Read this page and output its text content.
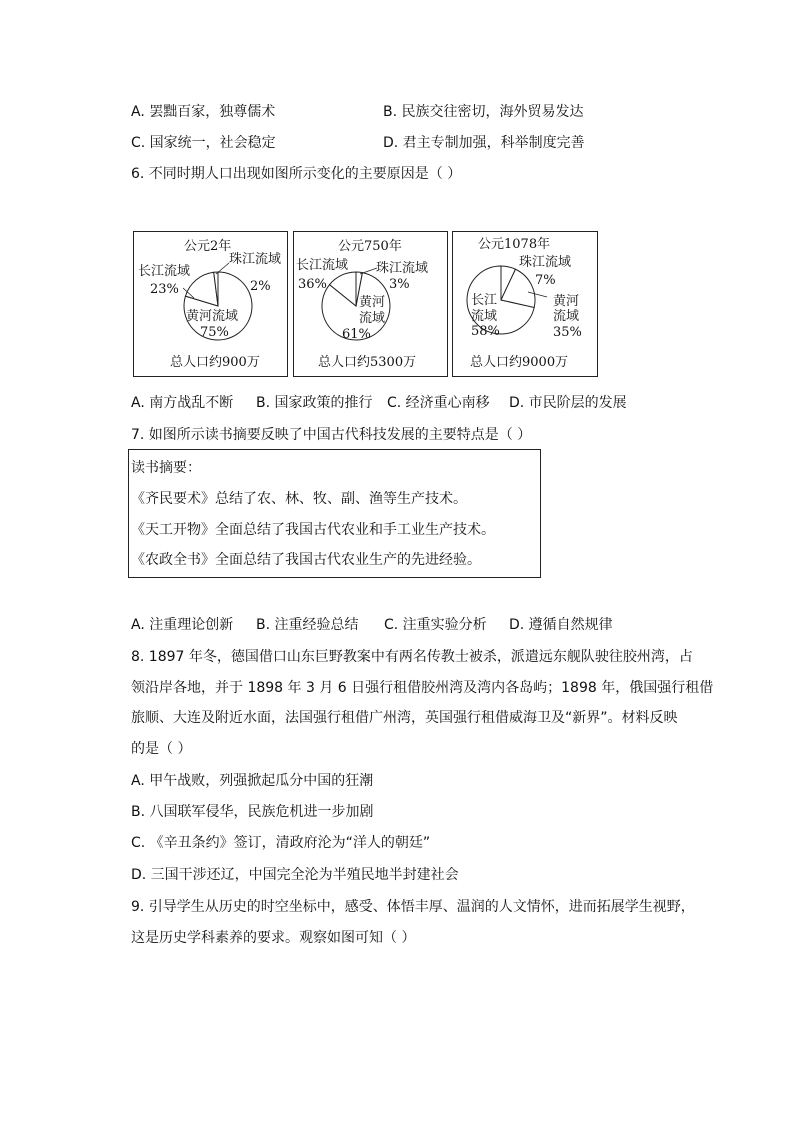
A. 罢黜百家，独尊儒术	B. 民族交往密切，海外贸易发达
C. 国家统一，社会稳定	D. 君主专制加强，科举制度完善
6. 不同时期人口出现如图所示变化的主要原因是（ ）
公元2年
珠江流域
长江流域
23%	2%
黄河流域
75%
总人口约900万
公元750年
长江流域 珠江流域
36%	3%
黄河
流域
61%
总人口约5300万
公元1078年
珠江流域
7%
长江
流域
58%
黄河
流域
35%
总人口约9000万
A. 南方战乱不断 B. 国家政策的推行 C. 经济重心南移 D. 市民阶层的发展
7. 如图所示读书摘要反映了中国古代科技发展的主要特点是（ ）
读书摘要：
《齐民要术》总结了农、林、牧、副、渔等生产技术。
《天工开物》全面总结了我国古代农业和手工业生产技术。
《农政全书》全面总结了我国古代农业生产的先进经验。
A. 注重理论创新 B. 注重经验总结 C. 注重实验分析 D. 遵循自然规律
8. 1897 年冬，德国借口山东巨野教案中有两名传教士被杀，派遣远东舰队驶往胶州湾，占
领沿岸各地，并于 1898 年 3 月 6 日强行租借胶州湾及湾内各岛屿；1898 年，俄国强行租借
旅顺、大连及附近水面，法国强行租借广州湾，英国强行租借威海卫及“新界”。材料反映
的是（ ）
A. 甲午战败，列强掀起瓜分中国的狂潮
B. 八国联军侵华，民族危机进一步加剧
C. 《辛丑条约》签订，清政府沦为“洋人的朝廷”
D. 三国干涉还辽，中国完全沦为半殖民地半封建社会
9. 引导学生从历史的时空坐标中，感受、体悟丰厚、温润的人文情怀，进而拓展学生视野，
这是历史学科素养的要求。观察如图可知（ ）
